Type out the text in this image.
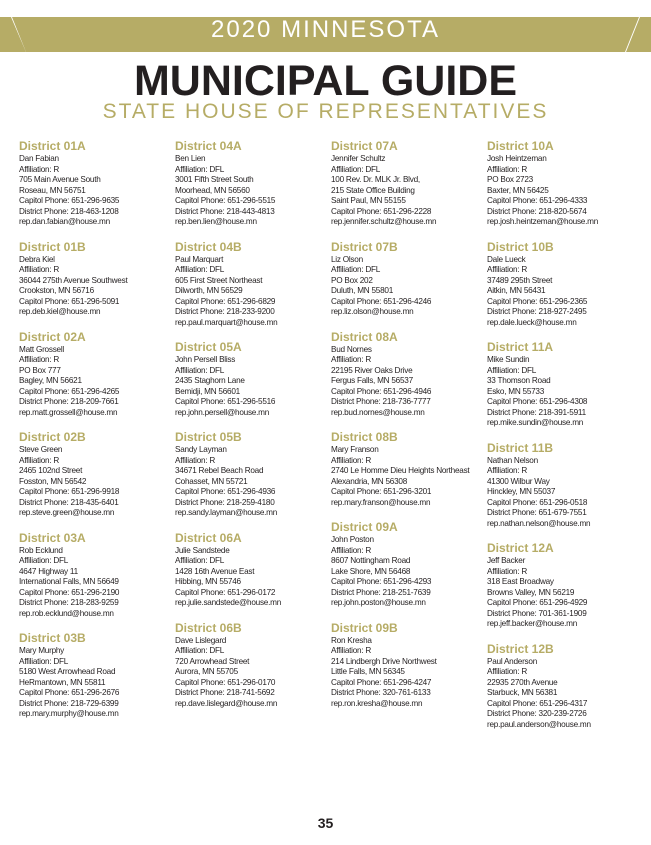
2020 MINNESOTA
MUNICIPAL GUIDE
STATE HOUSE OF REPRESENTATIVES
District 01A
Dan Fabian
Affiliation: R
705 Main Avenue South
Roseau, MN 56751
Capitol Phone: 651-296-9635
District Phone: 218-463-1208
rep.dan.fabian@house.mn
District 01B
Debra Kiel
Affiliation: R
36044 275th Avenue Southwest
Crookston, MN 56716
Capitol Phone: 651-296-5091
rep.deb.kiel@house.mn
District 02A
Matt Grossell
Affiliation: R
PO Box 777
Bagley, MN 56621
Capitol Phone: 651-296-4265
District Phone: 218-209-7661
rep.matt.grossell@house.mn
District 02B
Steve Green
Affiliation: R
2465 102nd Street
Fosston, MN 56542
Capitol Phone: 651-296-9918
District Phone: 218-435-6401
rep.steve.green@house.mn
District 03A
Rob Ecklund
Affiliation: DFL
4647 Highway 11
International Falls, MN 56649
Capitol Phone: 651-296-2190
District Phone: 218-283-9259
rep.rob.ecklund@house.mn
District 03B
Mary Murphy
Affiliation: DFL
5180 West Arrowhead Road
HeRmantown, MN 55811
Capitol Phone: 651-296-2676
District Phone: 218-729-6399
rep.mary.murphy@house.mn
District 04A
Ben Lien
Affiliation: DFL
3001 Fifth Street South
Moorhead, MN 56560
Capitol Phone: 651-296-5515
District Phone: 218-443-4813
rep.ben.lien@house.mn
District 04B
Paul Marquart
Affiliation: DFL
605 First Street Northeast
Dilworth, MN 56529
Capitol Phone: 651-296-6829
District Phone: 218-233-9200
rep.paul.marquart@house.mn
District 05A
John Persell Bliss
Affiliation: DFL
2435 Staghorn Lane
Bemidji, MN 56601
Capitol Phone: 651-296-5516
rep.john.persell@house.mn
District 05B
Sandy Layman
Affiliation: R
34671 Rebel Beach Road
Cohasset, MN 55721
Capitol Phone: 651-296-4936
District Phone: 218-259-4180
rep.sandy.layman@house.mn
District 06A
Julie Sandstede
Affiliation: DFL
1428 16th Avenue East
Hibbing, MN 55746
Capitol Phone: 651-296-0172
rep.julie.sandstede@house.mn
District 06B
Dave Lislegard
Affiliation: DFL
720 Arrowhead Street
Aurora, MN 55705
Capitol Phone: 651-296-0170
District Phone: 218-741-5692
rep.dave.lislegard@house.mn
District 07A
Jennifer Schultz
Affiliation: DFL
100 Rev. Dr. MLK Jr. Blvd,
215 State Office Building
Saint Paul, MN 55155
Capitol Phone: 651-296-2228
rep.jennifer.schultz@house.mn
District 07B
Liz Olson
Affiliation: DFL
PO Box 202
Duluth, MN 55801
Capitol Phone: 651-296-4246
rep.liz.olson@house.mn
District 08A
Bud Nornes
Affiliation: R
22195 River Oaks Drive
Fergus Falls, MN 56537
Capitol Phone: 651-296-4946
District Phone: 218-736-7777
rep.bud.nornes@house.mn
District 08B
Mary Franson
Affiliation: R
2740 Le Homme Dieu Heights Northeast
Alexandria, MN 56308
Capitol Phone: 651-296-3201
rep.mary.franson@house.mn
District 09A
John Poston
Affiliation: R
8607 Nottingham Road
Lake Shore, MN 56468
Capitol Phone: 651-296-4293
District Phone: 218-251-7639
rep.john.poston@house.mn
District 09B
Ron Kresha
Affiliation: R
214 Lindbergh Drive Northwest
Little Falls, MN 56345
Capitol Phone: 651-296-4247
District Phone: 320-761-6133
rep.ron.kresha@house.mn
District 10A
Josh Heintzeman
Affiliation: R
PO Box 2723
Baxter, MN 56425
Capitol Phone: 651-296-4333
District Phone: 218-820-5674
rep.josh.heintzeman@house.mn
District 10B
Dale Lueck
Affiliation: R
37489 295th Street
Aitkin, MN 56431
Capitol Phone: 651-296-2365
District Phone: 218-927-2495
rep.dale.lueck@house.mn
District 11A
Mike Sundin
Affiliation: DFL
33 Thomson Road
Esko, MN 55733
Capitol Phone: 651-296-4308
District Phone: 218-391-5911
rep.mike.sundin@house.mn
District 11B
Nathan Nelson
Affiliation: R
41300 Wilbur Way
Hinckley, MN 55037
Capitol Phone: 651-296-0518
District Phone: 651-679-7551
rep.nathan.nelson@house.mn
District 12A
Jeff Backer
Affiliation: R
318 East Broadway
Browns Valley, MN 56219
Capitol Phone: 651-296-4929
District Phone: 701-361-1909
rep.jeff.backer@house.mn
District 12B
Paul Anderson
Affiliation: R
22935 270th Avenue
Starbuck, MN 56381
Capitol Phone: 651-296-4317
District Phone: 320-239-2726
rep.paul.anderson@house.mn
35
